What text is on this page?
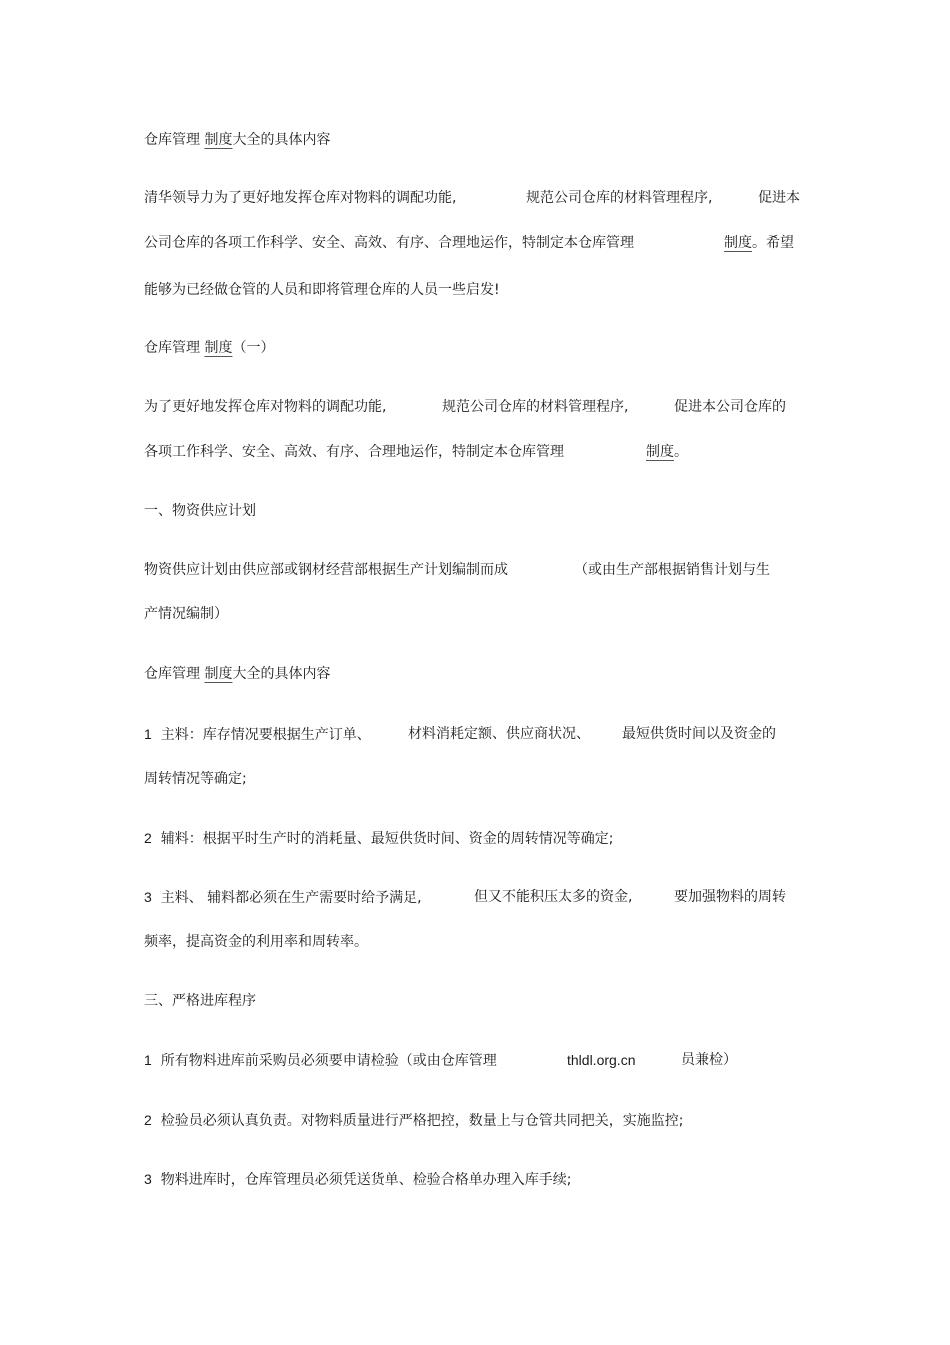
仓库管理 制度大全的具体内容
清华领导力为了更好地发挥仓库对物料的调配功能,	规范公司仓库的材料管理程序,	促进本
公司仓库的各项工作科学、安全、高效、有序、合理地运作，特制定本仓库管理	制度。希望
能够为已经做仓管的人员和即将管理仓库的人员一些启发!
仓库管理 制度（一）
为了更好地发挥仓库对物料的调配功能,	规范公司仓库的材料管理程序,	促进本公司仓库的
各项工作科学、安全、高效、有序、合理地运作，特制定本仓库管理	制度。
一、物资供应计划
物资供应计划由供应部或钢材经营部根据生产计划编制而成	（或由生产部根据销售计划与生
产情况编制）
仓库管理 制度大全的具体内容
1 主料：库存情况要根据生产订单、	材料消耗定额、供应商状况、 最短供货时间以及资金的
周转情况等确定;
2 辅料：根据平时生产时的消耗量、最短供货时间、资金的周转情况等确定;
3 主料、 辅料都必须在生产需要时给予满足,	但又不能积压太多的资金,	要加强物料的周转
频率，提高资金的利用率和周转率。
三、严格进库程序
1 所有物料进库前采购员必须要申请检验（或由仓库管理	thldl.org.cn	员兼检）
2 检验员必须认真负责。对物料质量进行严格把控，数量上与仓管共同把关，实施监控;
3 物料进库时，仓库管理员必须凭送货单、检验合格单办理入库手续;
